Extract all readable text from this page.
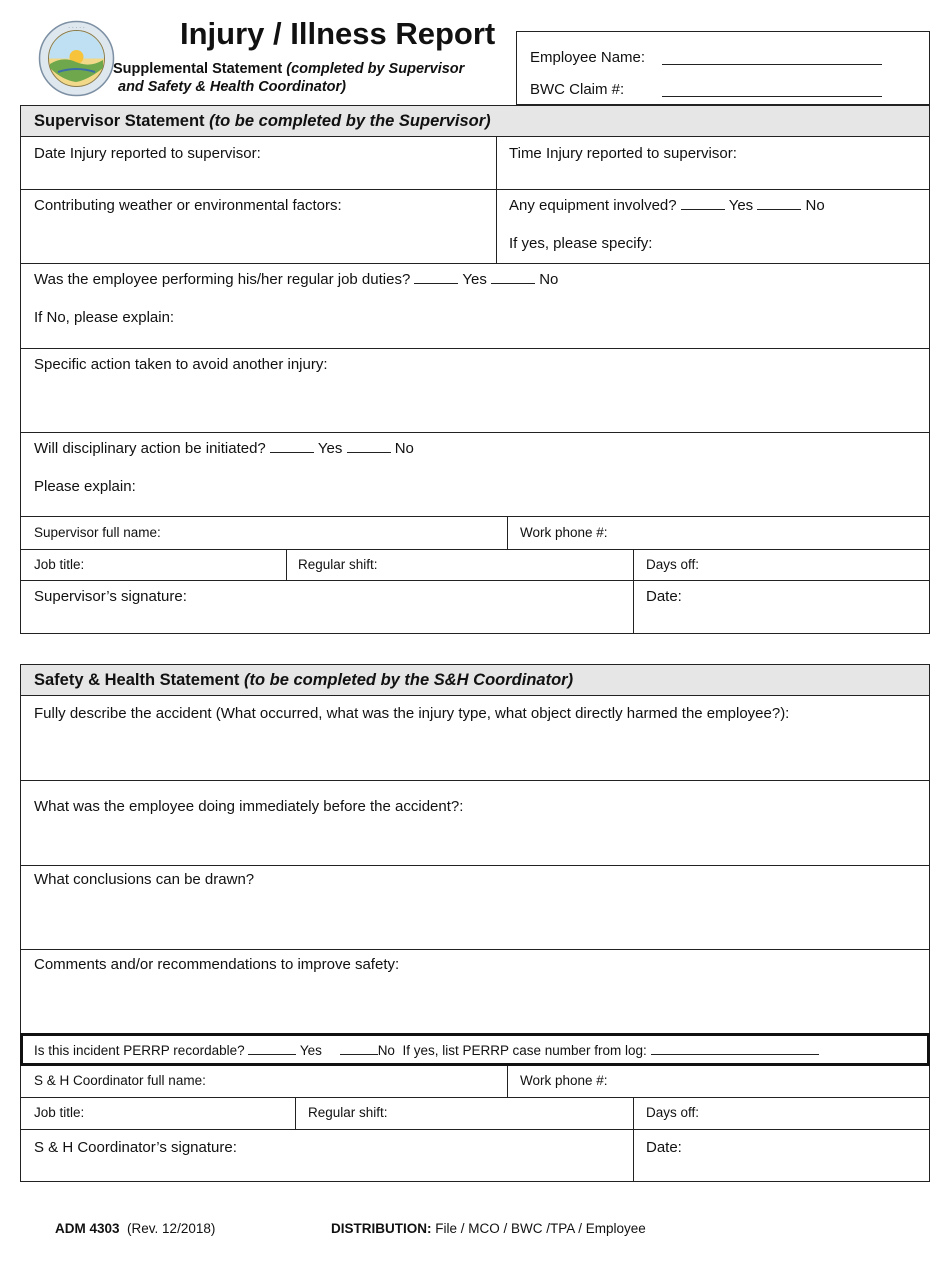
· · · · ·	Injury / Illness Report
Supplemental Statement (completed by Supervisor
and Safety & Health Coordinator)
Employee Name:
BWC Claim #:
Supervisor Statement (to be completed by the Supervisor)
Date Injury reported to supervisor:	Time Injury reported to supervisor:
Contributing weather or environmental factors:	Any equipment involved?	Yes	No
If yes, please specify:
Was the employee performing his/her regular job duties?	Yes	No
If No, please explain:
Specific action taken to avoid another injury:
Will disciplinary action be initiated?	Yes	No
Please explain:
Supervisor full name:	Work phone #:
Job title:	Regular shift:	Days off:
Supervisor’s signature:	Date:
Safety & Health Statement (to be completed by the S&H Coordinator)
Fully describe the accident (What occurred, what was the injury type, what object directly harmed the employee?):
What was the employee doing immediately before the accident?:
What conclusions can be drawn?
Comments and/or recommendations to improve safety:
Is this incident PERRP recordable?	Yes	No If yes, list PERRP case number from log:
S & H Coordinator full name:	Work phone #:
Job title:	Regular shift:	Days off:
S & H Coordinator’s signature:	Date:
ADM 4303 (Rev. 12/2018)	DISTRIBUTION: File / MCO / BWC /TPA / Employee
